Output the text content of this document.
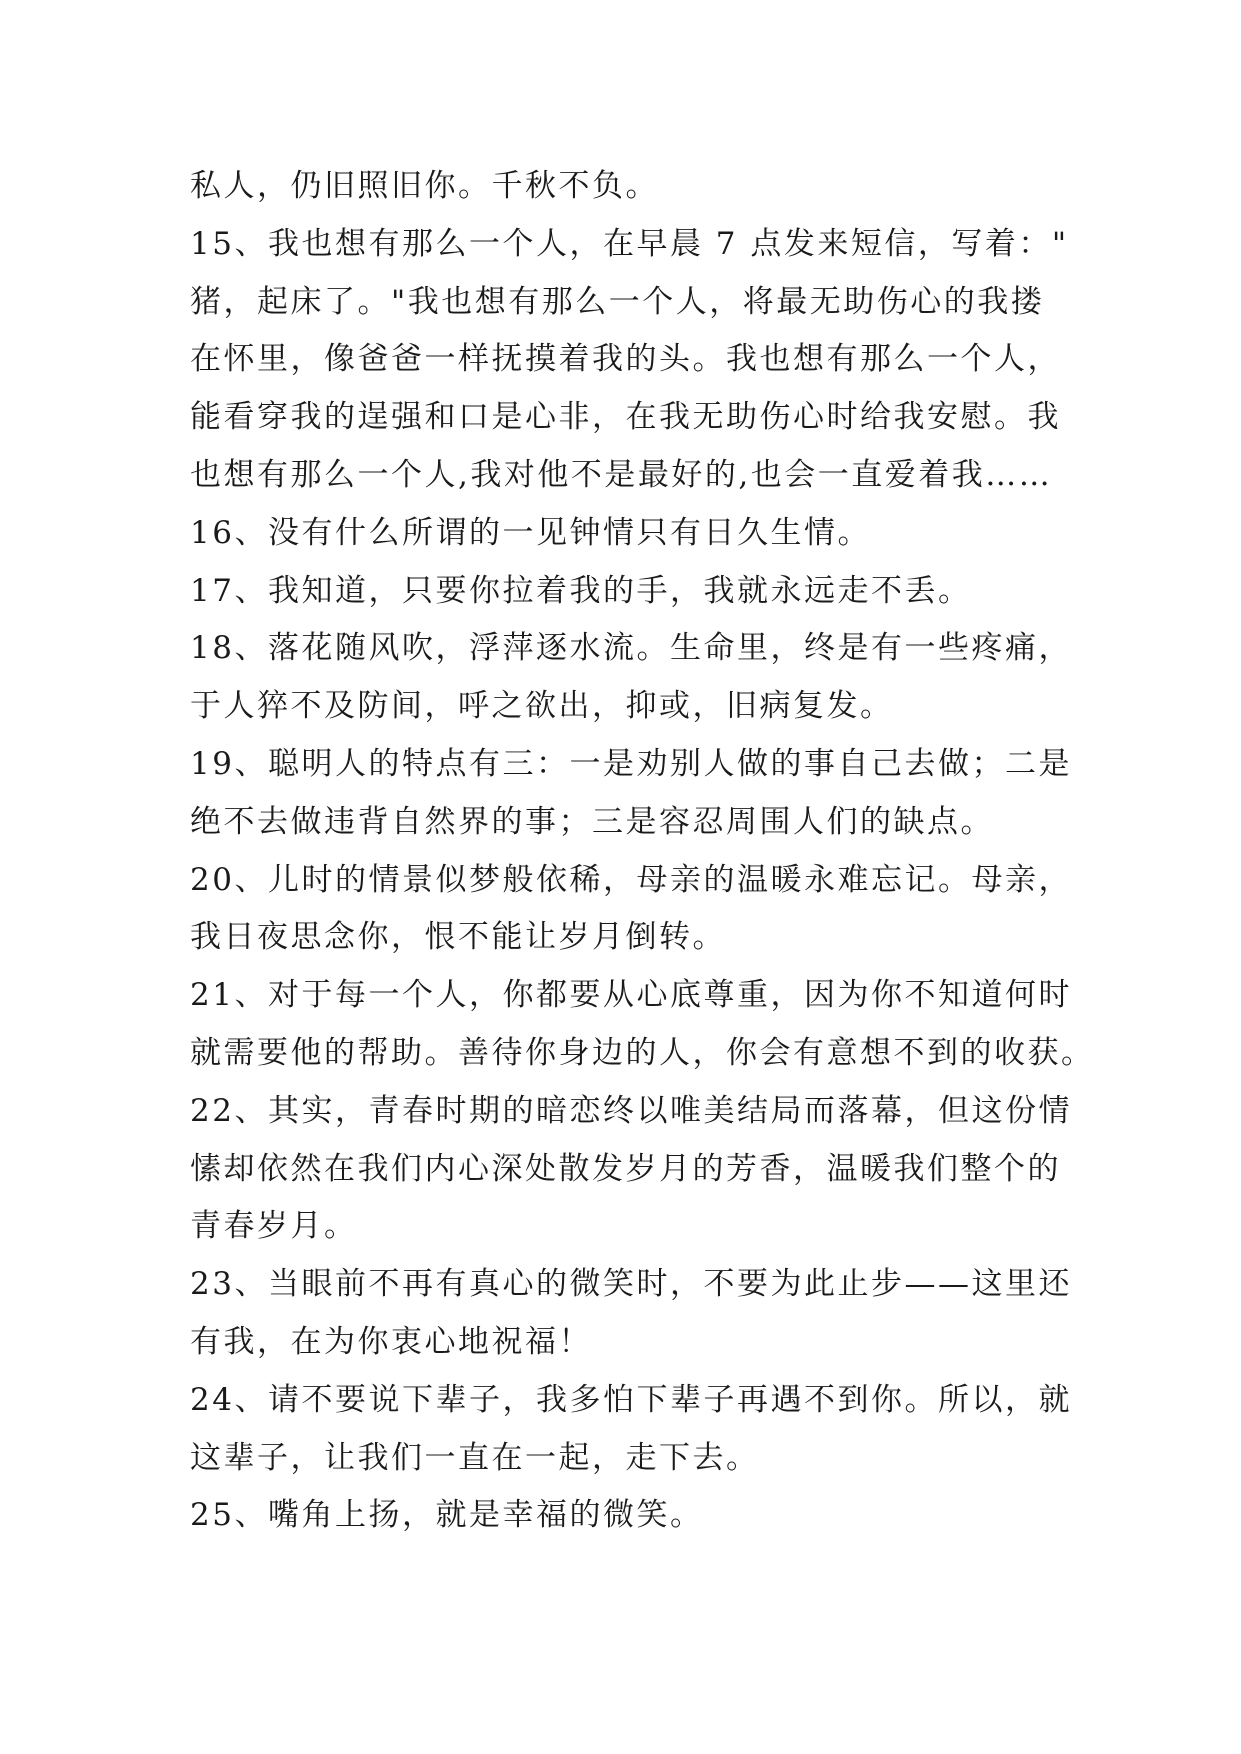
私人，仍旧照旧你。千秋不负。
15、我也想有那么一个人，在早晨 7 点发来短信，写着："
猪，起床了。"我也想有那么一个人，将最无助伤心的我搂
在怀里，像爸爸一样抚摸着我的头。我也想有那么一个人，
能看穿我的逞强和口是心非，在我无助伤心时给我安慰。我
也想有那么一个人,我对他不是最好的,也会一直爱着我……
16、没有什么所谓的一见钟情只有日久生情。
17、我知道，只要你拉着我的手，我就永远走不丢。
18、落花随风吹，浮萍逐水流。生命里，终是有一些疼痛，
于人猝不及防间，呼之欲出，抑或，旧病复发。
19、聪明人的特点有三：一是劝别人做的事自己去做；二是
绝不去做违背自然界的事；三是容忍周围人们的缺点。
20、儿时的情景似梦般依稀，母亲的温暖永难忘记。母亲，
我日夜思念你，恨不能让岁月倒转。
21、对于每一个人，你都要从心底尊重，因为你不知道何时
就需要他的帮助。善待你身边的人，你会有意想不到的收获。
22、其实，青春时期的暗恋终以唯美结局而落幕，但这份情
愫却依然在我们内心深处散发岁月的芳香，温暖我们整个的
青春岁月。
23、当眼前不再有真心的微笑时，不要为此止步——这里还
有我，在为你衷心地祝福！
24、请不要说下辈子，我多怕下辈子再遇不到你。所以，就
这辈子，让我们一直在一起，走下去。
25、嘴角上扬，就是幸福的微笑。
